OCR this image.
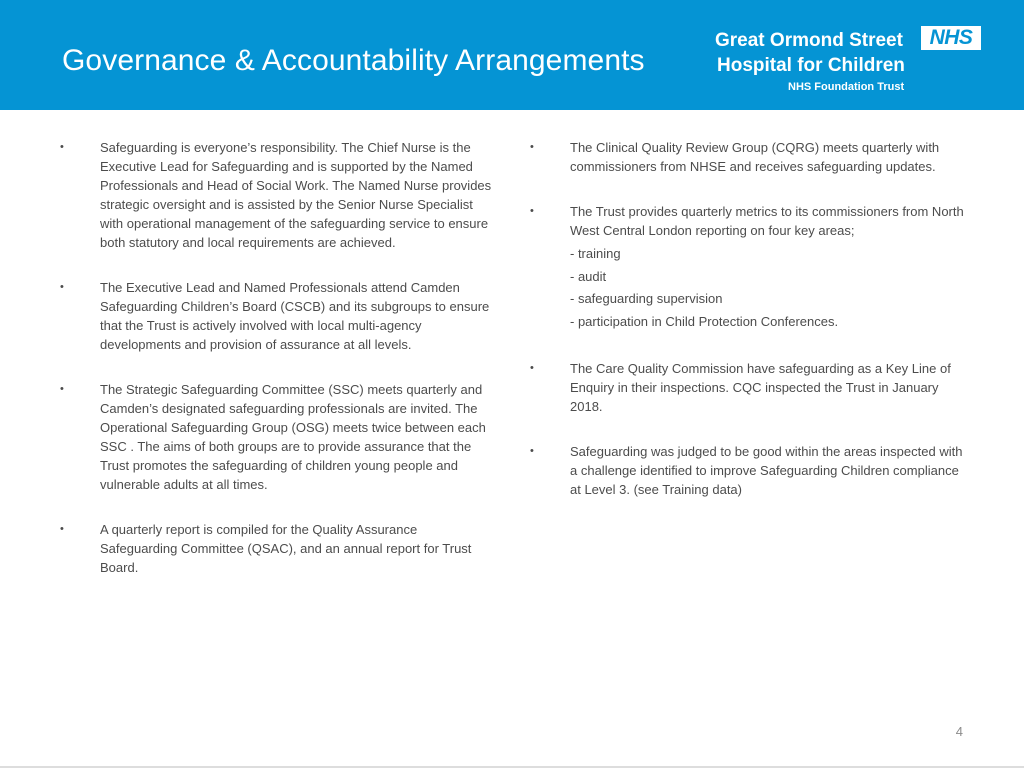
Governance & Accountability Arrangements
Great Ormond Street	NHS
Hospital for Children
NHS Foundation Trust
•	Safeguarding is everyone’s responsibility. The Chief Nurse is the Executive Lead for Safeguarding and is supported by the Named Professionals and Head of Social Work. The Named Nurse provides strategic oversight and is assisted by the Senior Nurse Specialist with operational management of the safeguarding service to ensure both statutory and local requirements are achieved.
•	The Executive Lead and Named Professionals attend Camden Safeguarding Children’s Board (CSCB) and its subgroups to ensure that the Trust is actively involved with local multi-agency developments and provision of assurance at all levels.
•	The Strategic Safeguarding Committee (SSC) meets quarterly and Camden’s designated safeguarding professionals are invited. The Operational Safeguarding Group (OSG) meets twice between each SSC . The aims of both groups are to provide assurance that the Trust promotes the safeguarding of children young people and vulnerable adults at all times.
•	A quarterly report is compiled for the Quality Assurance Safeguarding Committee (QSAC), and an annual report for Trust Board.
•	The Clinical Quality Review Group (CQRG) meets quarterly with commissioners from NHSE and receives safeguarding updates.
•	The Trust provides quarterly metrics to its commissioners from North West Central London reporting on four key areas;
- training
- audit
- safeguarding supervision
- participation in Child Protection Conferences.
•	The Care Quality Commission have safeguarding as a Key Line of Enquiry in their inspections. CQC inspected the Trust in January 2018.
•	Safeguarding was judged to be good within the areas inspected with a challenge identified to improve Safeguarding Children compliance at Level 3. (see Training data)
4
